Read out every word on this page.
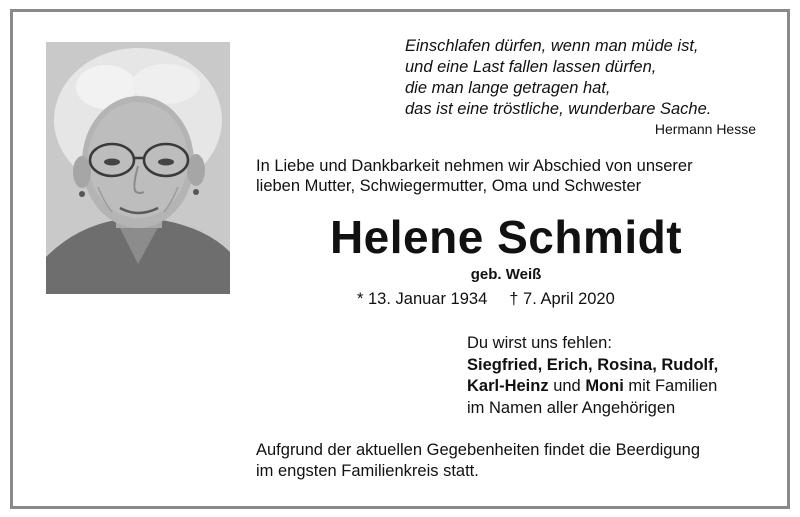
Einschlafen dürfen, wenn man müde ist,
und eine Last fallen lassen dürfen,
die man lange getragen hat,
das ist eine tröstliche, wunderbare Sache.
Hermann Hesse
In Liebe und Dankbarkeit nehmen wir Abschied von unserer
lieben Mutter, Schwiegermutter, Oma und Schwester
Helene Schmidt
geb. Weiß
* 13. Januar 1934 † 7. April 2020
Du wirst uns fehlen:
Siegfried, Erich, Rosina, Rudolf,
Karl-Heinz und Moni mit Familien
im Namen aller Angehörigen
Aufgrund der aktuellen Gegebenheiten findet die Beerdigung
im engsten Familienkreis statt.
